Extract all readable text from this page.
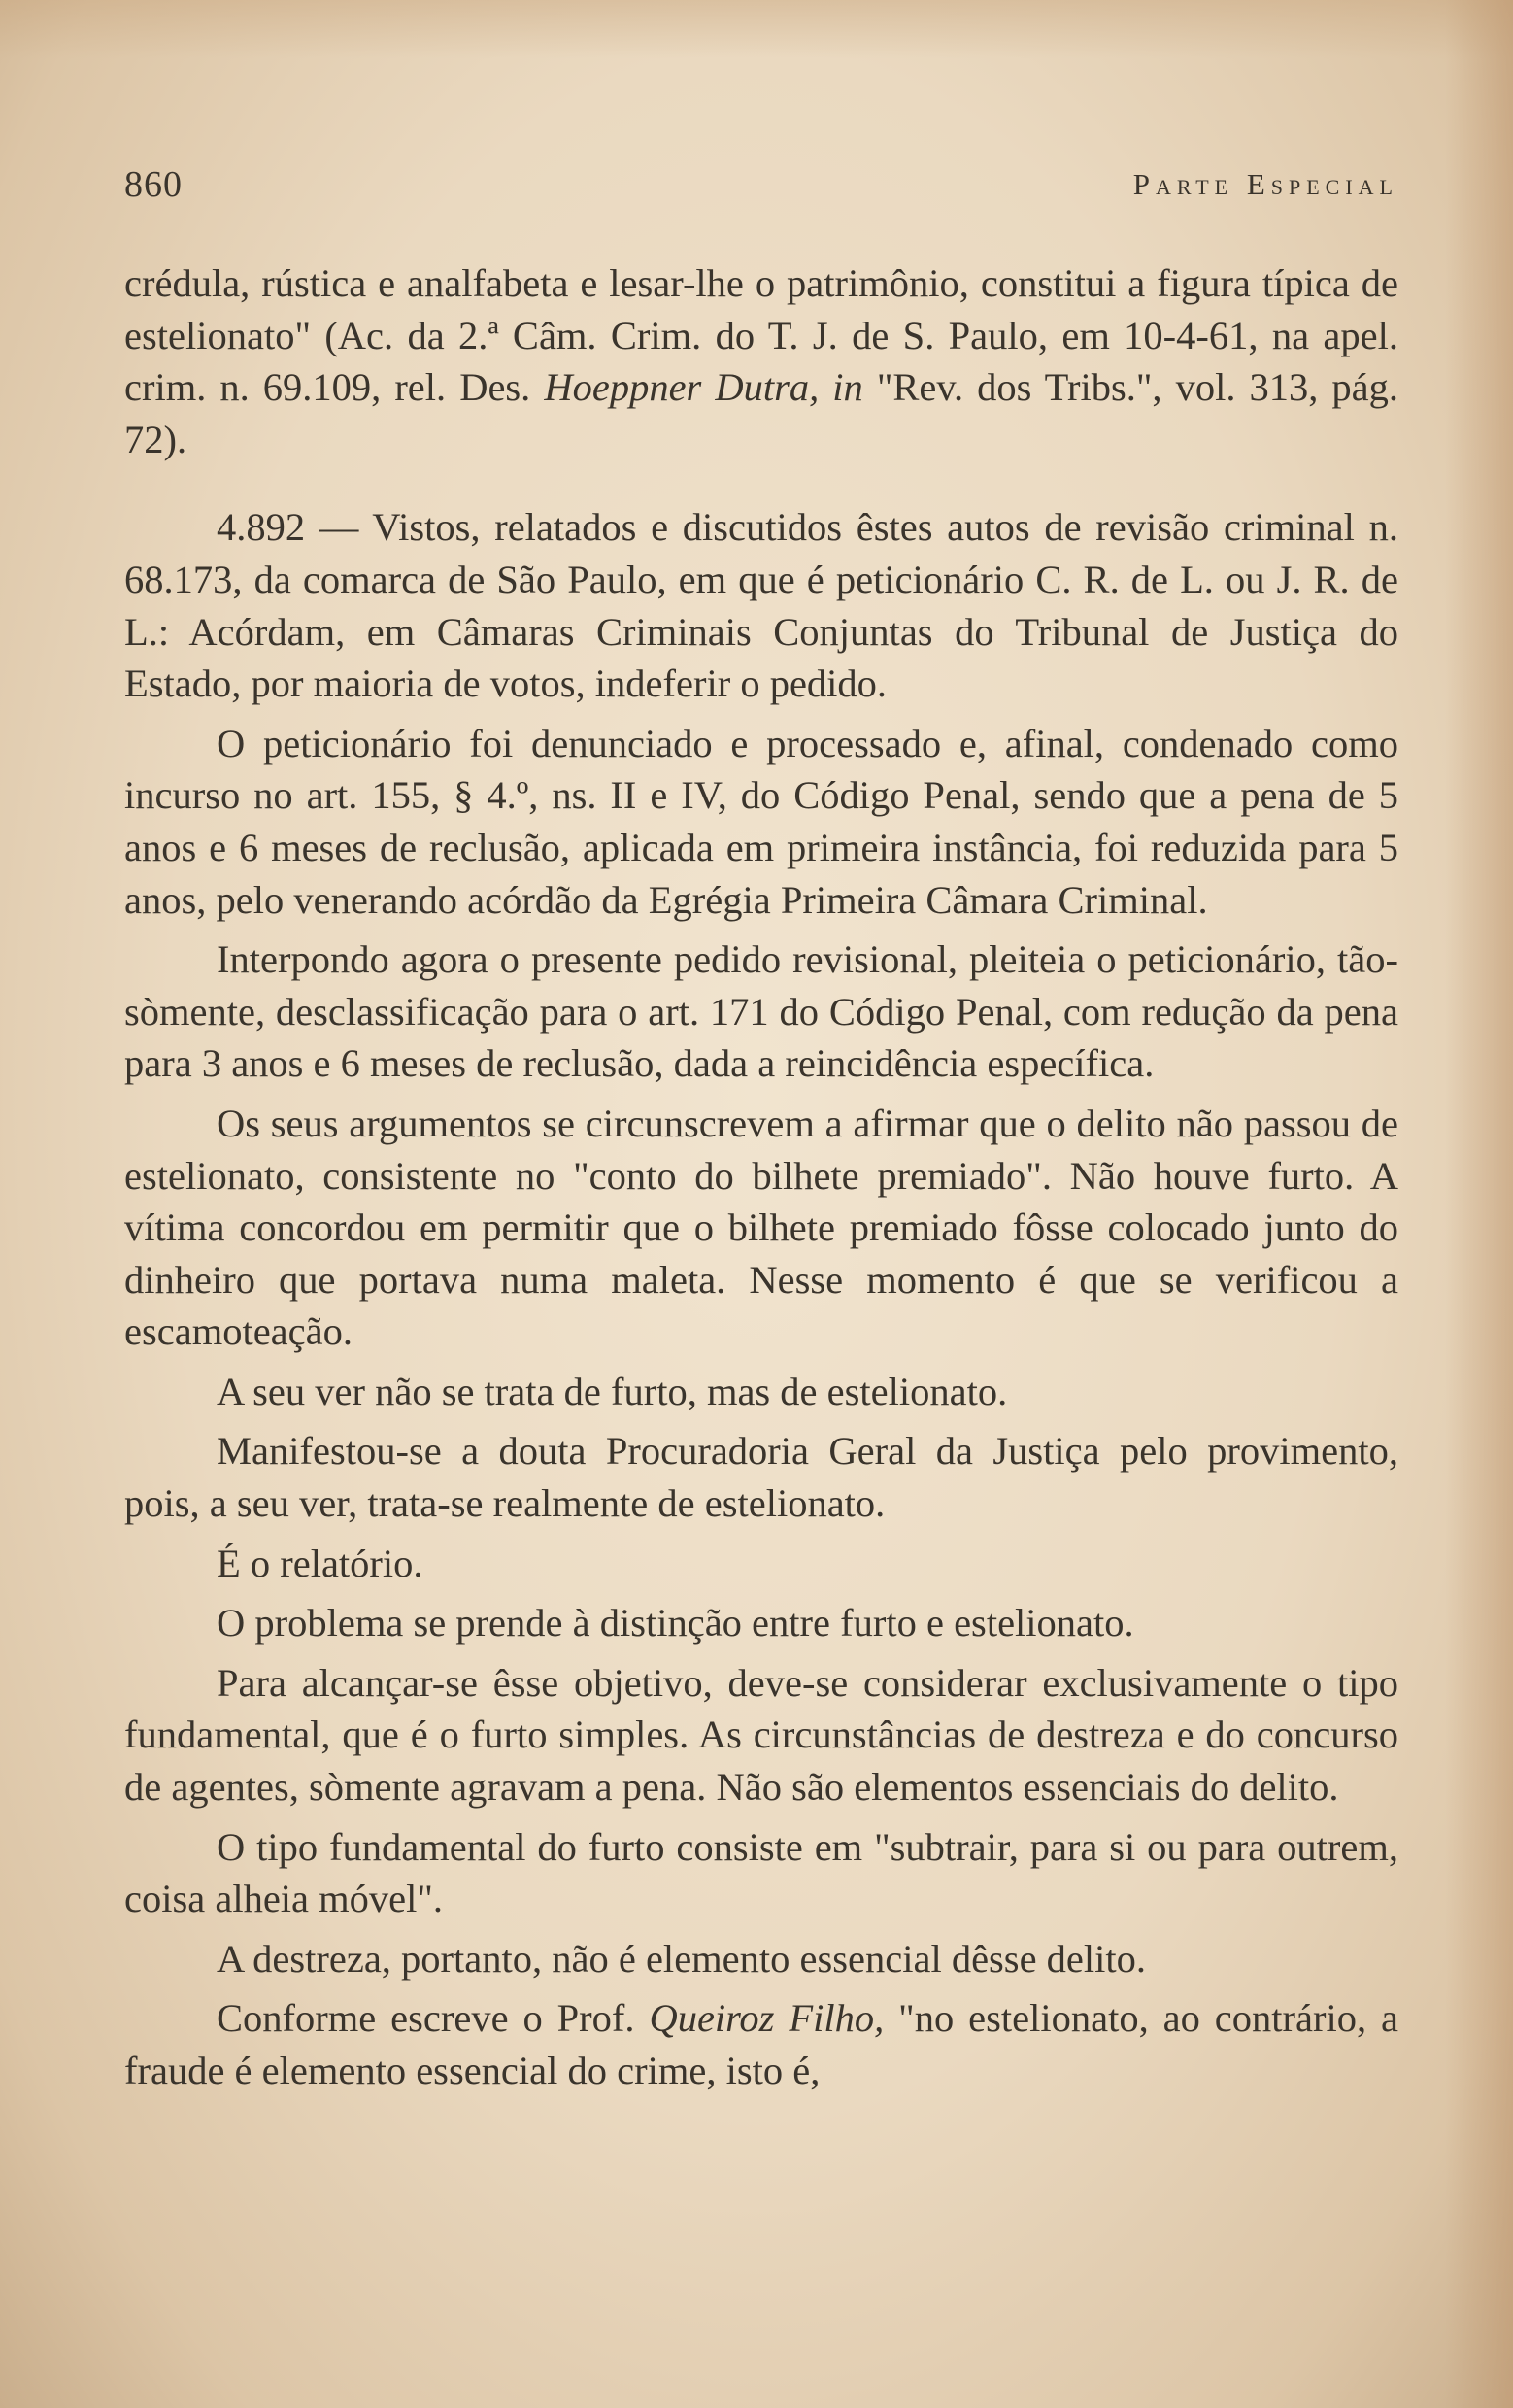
860	Parte Especial

crédula, rústica e analfabeta e lesar-lhe o patrimônio, constitui a figura típica de estelionato" (Ac. da 2.ª Câm. Crim. do T. J. de S. Paulo, em 10-4-61, na apel. crim. n. 69.109, rel. Des. Hoeppner Dutra, in "Rev. dos Tribs.", vol. 313, pág. 72).

4.892 — Vistos, relatados e discutidos êstes autos de revisão criminal n. 68.173, da comarca de São Paulo, em que é peticionário C. R. de L. ou J. R. de L.: Acórdam, em Câmaras Criminais Conjuntas do Tribunal de Justiça do Estado, por maioria de votos, indeferir o pedido.

O peticionário foi denunciado e processado e, afinal, condenado como incurso no art. 155, § 4.º, ns. II e IV, do Código Penal, sendo que a pena de 5 anos e 6 meses de reclusão, aplicada em primeira instância, foi reduzida para 5 anos, pelo venerando acórdão da Egrégia Primeira Câmara Criminal.

Interpondo agora o presente pedido revisional, pleiteia o peticionário, tão-sòmente, desclassificação para o art. 171 do Código Penal, com redução da pena para 3 anos e 6 meses de reclusão, dada a reincidência específica.

Os seus argumentos se circunscrevem a afirmar que o delito não passou de estelionato, consistente no "conto do bilhete premiado". Não houve furto. A vítima concordou em permitir que o bilhete premiado fôsse colocado junto do dinheiro que portava numa maleta. Nesse momento é que se verificou a escamoteação.

A seu ver não se trata de furto, mas de estelionato.

Manifestou-se a douta Procuradoria Geral da Justiça pelo provimento, pois, a seu ver, trata-se realmente de estelionato.

É o relatório.

O problema se prende à distinção entre furto e estelionato.

Para alcançar-se êsse objetivo, deve-se considerar exclusivamente o tipo fundamental, que é o furto simples. As circunstâncias de destreza e do concurso de agentes, sòmente agravam a pena. Não são elementos essenciais do delito.

O tipo fundamental do furto consiste em "subtrair, para si ou para outrem, coisa alheia móvel".

A destreza, portanto, não é elemento essencial dêsse delito.

Conforme escreve o Prof. Queiroz Filho, "no estelionato, ao contrário, a fraude é elemento essencial do crime, isto é,
